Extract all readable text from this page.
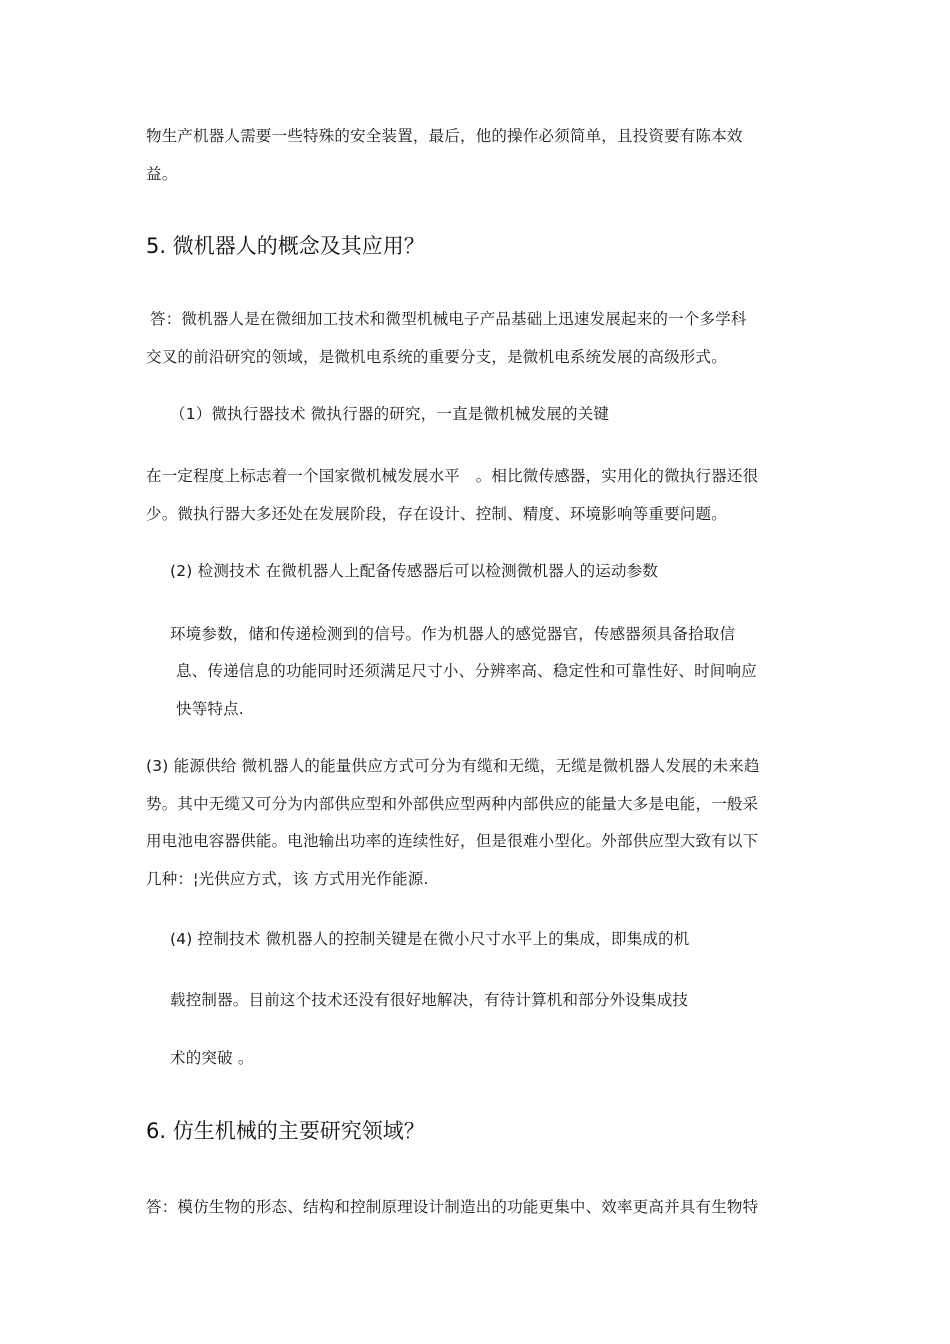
物生产机器人需要一些特殊的安全装置，最后，他的操作必须简单，且投资要有陈本效

益。

5. 微机器人的概念及其应用？

答：微机器人是在微细加工技术和微型机械电子产品基础上迅速发展起来的一个多学科

交叉的前沿研究的领域，是微机电系统的重要分支，是微机电系统发展的高级形式。

（1）微执行器技术 微执行器的研究，一直是微机械发展的关键

在一定程度上标志着一个国家微机械发展水平　。相比微传感器，实用化的微执行器还很

少。微执行器大多还处在发展阶段，存在设计、控制、精度、环境影响等重要问题。

(2) 检测技术 在微机器人上配备传感器后可以检测微机器人的运动参数

环境参数，储和传递检测到的信号。作为机器人的感觉器官，传感器须具备拾取信

息、传递信息的功能同时还须满足尺寸小、分辨率高、稳定性和可靠性好、时间响应

快等特点.

(3) 能源供给 微机器人的能量供应方式可分为有缆和无缆，无缆是微机器人发展的未来趋

势。其中无缆又可分为内部供应型和外部供应型两种内部供应的能量大多是电能，一般采

用电池电容器供能。电池输出功率的连续性好，但是很难小型化。外部供应型大致有以下

几种：¦光供应方式，该 方式用光作能源.

(4) 控制技术 微机器人的控制关键是在微小尺寸水平上的集成，即集成的机

载控制器。目前这个技术还没有很好地解决，有待计算机和部分外设集成技

术的突破 。

6. 仿生机械的主要研究领域？

答：模仿生物的形态、结构和控制原理设计制造出的功能更集中、效率更高并具有生物特
